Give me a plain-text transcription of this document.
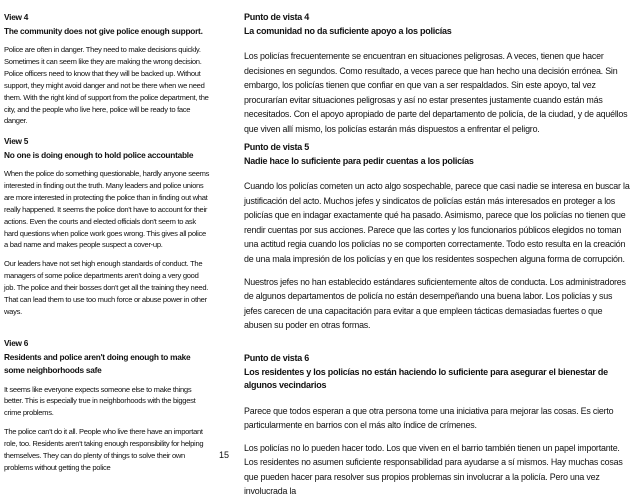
View 4
The community does not give police enough support.

Police are often in danger. They need to make decisions quickly. Sometimes it can seem like they are making the wrong decision. Police officers need to know that they will be backed up. Without support, they might avoid danger and not be there when we need them. With the right kind of support from the police department, the city, and the people who live here, police will be ready to face danger.

View 5
No one is doing enough to hold police accountable

When the police do something questionable, hardly anyone seems interested in finding out the truth. Many leaders and police unions are more interested in protecting the police than in finding out what really happened. It seems the police don't have to account for their actions. Even the courts and elected officials don't seem to ask hard questions when police work goes wrong. This gives all police a bad name and makes people suspect a cover-up.

Our leaders have not set high enough standards of conduct. The managers of some police departments aren't doing a very good job. The police and their bosses don't get all the training they need. That can lead them to use too much force or abuse power in other ways.

View 6
Residents and police aren't doing enough to make some neighborhoods safe

It seems like everyone expects someone else to make things better. This is especially true in neighborhoods with the biggest crime problems.

The police can't do it all. People who live there have an important role, too. Residents aren't taking enough responsibility for helping themselves. They can do plenty of things to solve their own problems without getting the police

15
Punto de vista 4
La comunidad no da suficiente apoyo a los policías

Los policías frecuentemente se encuentran en situaciones peligrosas. A veces, tienen que hacer decisiones en segundos. Como resultado, a veces parece que han hecho una decisión errónea. Sin embargo, los policías tienen que confiar en que van a ser respaldados. Sin este apoyo, tal vez procurarían evitar situaciones peligrosas y así no estar presentes justamente cuando están más necesitados. Con el apoyo apropiado de parte del departamento de policía, de la ciudad, y de aquéllos que viven allí mismo, los policías estarán más dispuestos a enfrentar el peligro.

Punto de vista 5
Nadie hace lo suficiente para pedir cuentas a los policías

Cuando los policías cometen un acto algo sospechable, parece que casi nadie se interesa en buscar la justificación del acto. Muchos jefes y sindicatos de policías están más interesados en proteger a los policías que en indagar exactamente qué ha pasado. Asimismo, parece que los policías no tienen que rendir cuentas por sus acciones. Parece que las cortes y los funcionarios públicos elegidos no toman una actitud regia cuando los policías no se comporten correctamente. Todo esto resulta en la creación de una mala impresión de los policías y en que los residentes sospechen alguna forma de corrupción.

Nuestros jefes no han establecido estándares suficientemente altos de conducta. Los administradores de algunos departamentos de policía no están desempeñando una buena labor. Los policías y sus jefes carecen de una capacitación para evitar a que empleen tácticas demasiadas fuertes o que abusen su poder en otras formas.

Punto de vista 6
Los residentes y los policías no están haciendo lo suficiente para asegurar el bienestar de algunos vecindarios

Parece que todos esperan a que otra persona tome una iniciativa para mejorar las cosas. Es cierto particularmente en barrios con el más alto índice de crímenes.

Los policías no lo pueden hacer todo. Los que viven en el barrio también tienen un papel importante. Los residentes no asumen suficiente responsabilidad para ayudarse a sí mismos. Hay muchas cosas que pueden hacer para resolver sus propios problemas sin involucrar a la policía. Pero una vez involucrada la
